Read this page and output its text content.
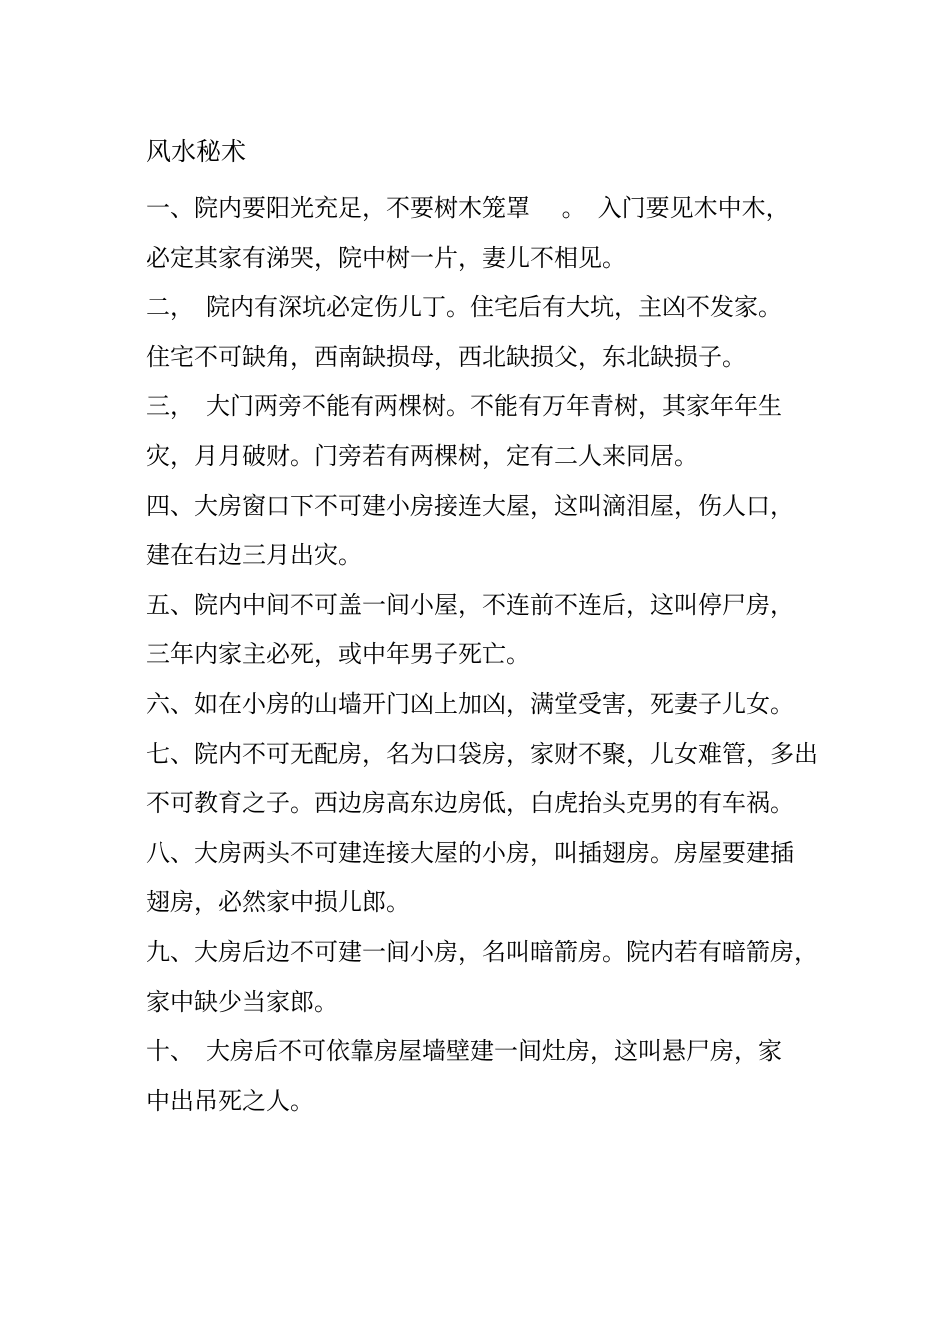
风水秘术

一、院内要阳光充足，不要树木笼罩　 。　入门要见木中木，

必定其家有涕哭，院中树一片，妻儿不相见。

二，　院内有深坑必定伤儿丁。住宅后有大坑，主凶不发家。

住宅不可缺角，西南缺损母，西北缺损父，东北缺损子。

三，　大门两旁不能有两棵树。不能有万年青树，其家年年生

灾，月月破财。门旁若有两棵树，定有二人来同居。

四、大房窗口下不可建小房接连大屋，这叫滴泪屋，伤人口，

建在右边三月出灾。

五、院内中间不可盖一间小屋，不连前不连后，这叫停尸房，

三年内家主必死，或中年男子死亡。

六、如在小房的山墙开门凶上加凶，满堂受害，死妻子儿女。

七、院内不可无配房，名为口袋房，家财不聚，儿女难管，多出

不可教育之子。西边房高东边房低，白虎抬头克男的有车祸。

八、大房两头不可建连接大屋的小房，叫插翅房。房屋要建插

翅房，必然家中损儿郎。

九、大房后边不可建一间小房，名叫暗箭房。院内若有暗箭房，

家中缺少当家郎。

十、　大房后不可依靠房屋墙壁建一间灶房，这叫悬尸房，家

中出吊死之人。
